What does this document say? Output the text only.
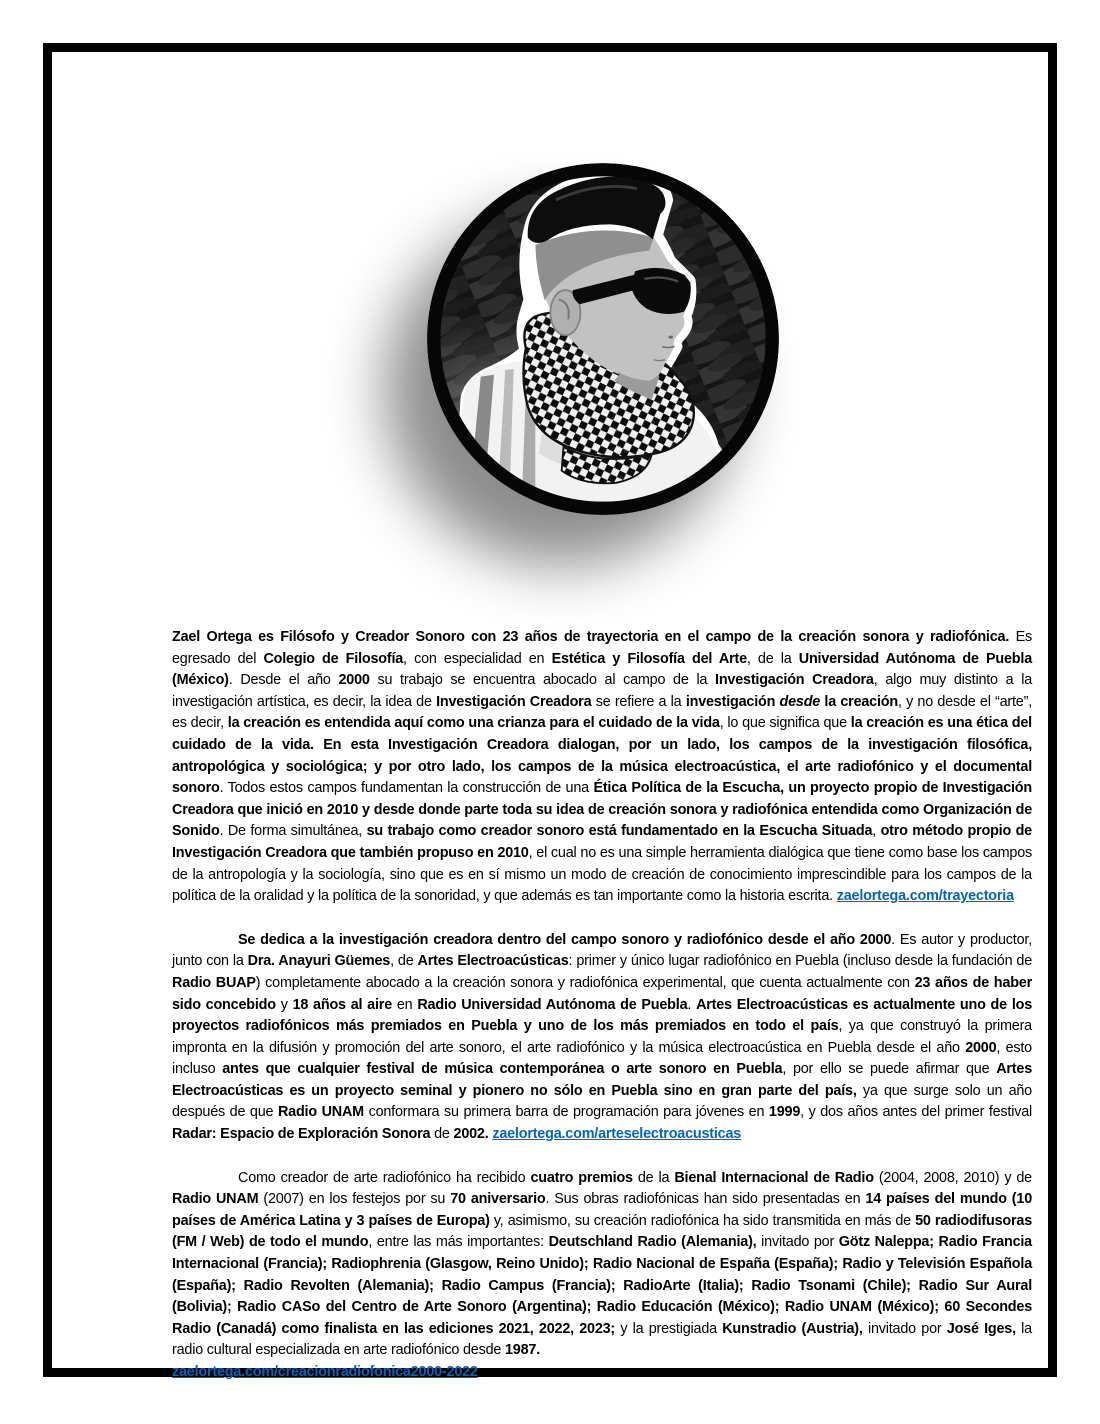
Zael Ortega es Filósofo y Creador Sonoro con 23 años de trayectoria en el campo de la creación sonora y radiofónica. Es egresado del Colegio de Filosofía, con especialidad en Estética y Filosofía del Arte, de la Universidad Autónoma de Puebla (México). Desde el año 2000 su trabajo se encuentra abocado al campo de la Investigación Creadora, algo muy distinto a la investigación artística, es decir, la idea de Investigación Creadora se refiere a la investigación desde la creación, y no desde el “arte”, es decir, la creación es entendida aquí como una crianza para el cuidado de la vida, lo que significa que la creación es una ética del cuidado de la vida. En esta Investigación Creadora dialogan, por un lado, los campos de la investigación filosófica, antropológica y sociológica; y por otro lado, los campos de la música electroacústica, el arte radiofónico y el documental sonoro. Todos estos campos fundamentan la construcción de una Ética Política de la Escucha, un proyecto propio de Investigación Creadora que inició en 2010 y desde donde parte toda su idea de creación sonora y radiofónica entendida como Organización de Sonido. De forma simultánea, su trabajo como creador sonoro está fundamentado en la Escucha Situada, otro método propio de Investigación Creadora que también propuso en 2010, el cual no es una simple herramienta dialógica que tiene como base los campos de la antropología y la sociología, sino que es en sí mismo un modo de creación de conocimiento imprescindible para los campos de la política de la oralidad y la política de la sonoridad, y que además es tan importante como la historia escrita. zaelortega.com/trayectoria

Se dedica a la investigación creadora dentro del campo sonoro y radiofónico desde el año 2000. Es autor y productor, junto con la Dra. Anayuri Güemes, de Artes Electroacústicas: primer y único lugar radiofónico en Puebla (incluso desde la fundación de Radio BUAP) completamente abocado a la creación sonora y radiofónica experimental, que cuenta actualmente con 23 años de haber sido concebido y 18 años al aire en Radio Universidad Autónoma de Puebla. Artes Electroacústicas es actualmente uno de los proyectos radiofónicos más premiados en Puebla y uno de los más premiados en todo el país, ya que construyó la primera impronta en la difusión y promoción del arte sonoro, el arte radiofónico y la música electroacústica en Puebla desde el año 2000, esto incluso antes que cualquier festival de música contemporánea o arte sonoro en Puebla, por ello se puede afirmar que Artes Electroacústicas es un proyecto seminal y pionero no sólo en Puebla sino en gran parte del país, ya que surge solo un año después de que Radio UNAM conformara su primera barra de programación para jóvenes en 1999, y dos años antes del primer festival Radar: Espacio de Exploración Sonora de 2002. zaelortega.com/arteselectroacusticas

Como creador de arte radiofónico ha recibido cuatro premios de la Bienal Internacional de Radio (2004, 2008, 2010) y de Radio UNAM (2007) en los festejos por su 70 aniversario. Sus obras radiofónicas han sido presentadas en 14 países del mundo (10 países de América Latina y 3 países de Europa) y, asimismo, su creación radiofónica ha sido transmitida en más de 50 radiodifusoras (FM / Web) de todo el mundo, entre las más importantes: Deutschland Radio (Alemania), invitado por Götz Naleppa; Radio Francia Internacional (Francia); Radiophrenia (Glasgow, Reino Unido); Radio Nacional de España (España); Radio y Televisión Española (España); Radio Revolten (Alemania); Radio Campus (Francia); RadioArte (Italia); Radio Tsonami (Chile); Radio Sur Aural (Bolivia); Radio CASo del Centro de Arte Sonoro (Argentina); Radio Educación (México); Radio UNAM (México); 60 Secondes Radio (Canadá) como finalista en las ediciones 2021, 2022, 2023; y la prestigiada Kunstradio (Austria), invitado por José Iges, la radio cultural especializada en arte radiofónico desde 1987.
zaelortega.com/creacionradiofonica2000-2022
